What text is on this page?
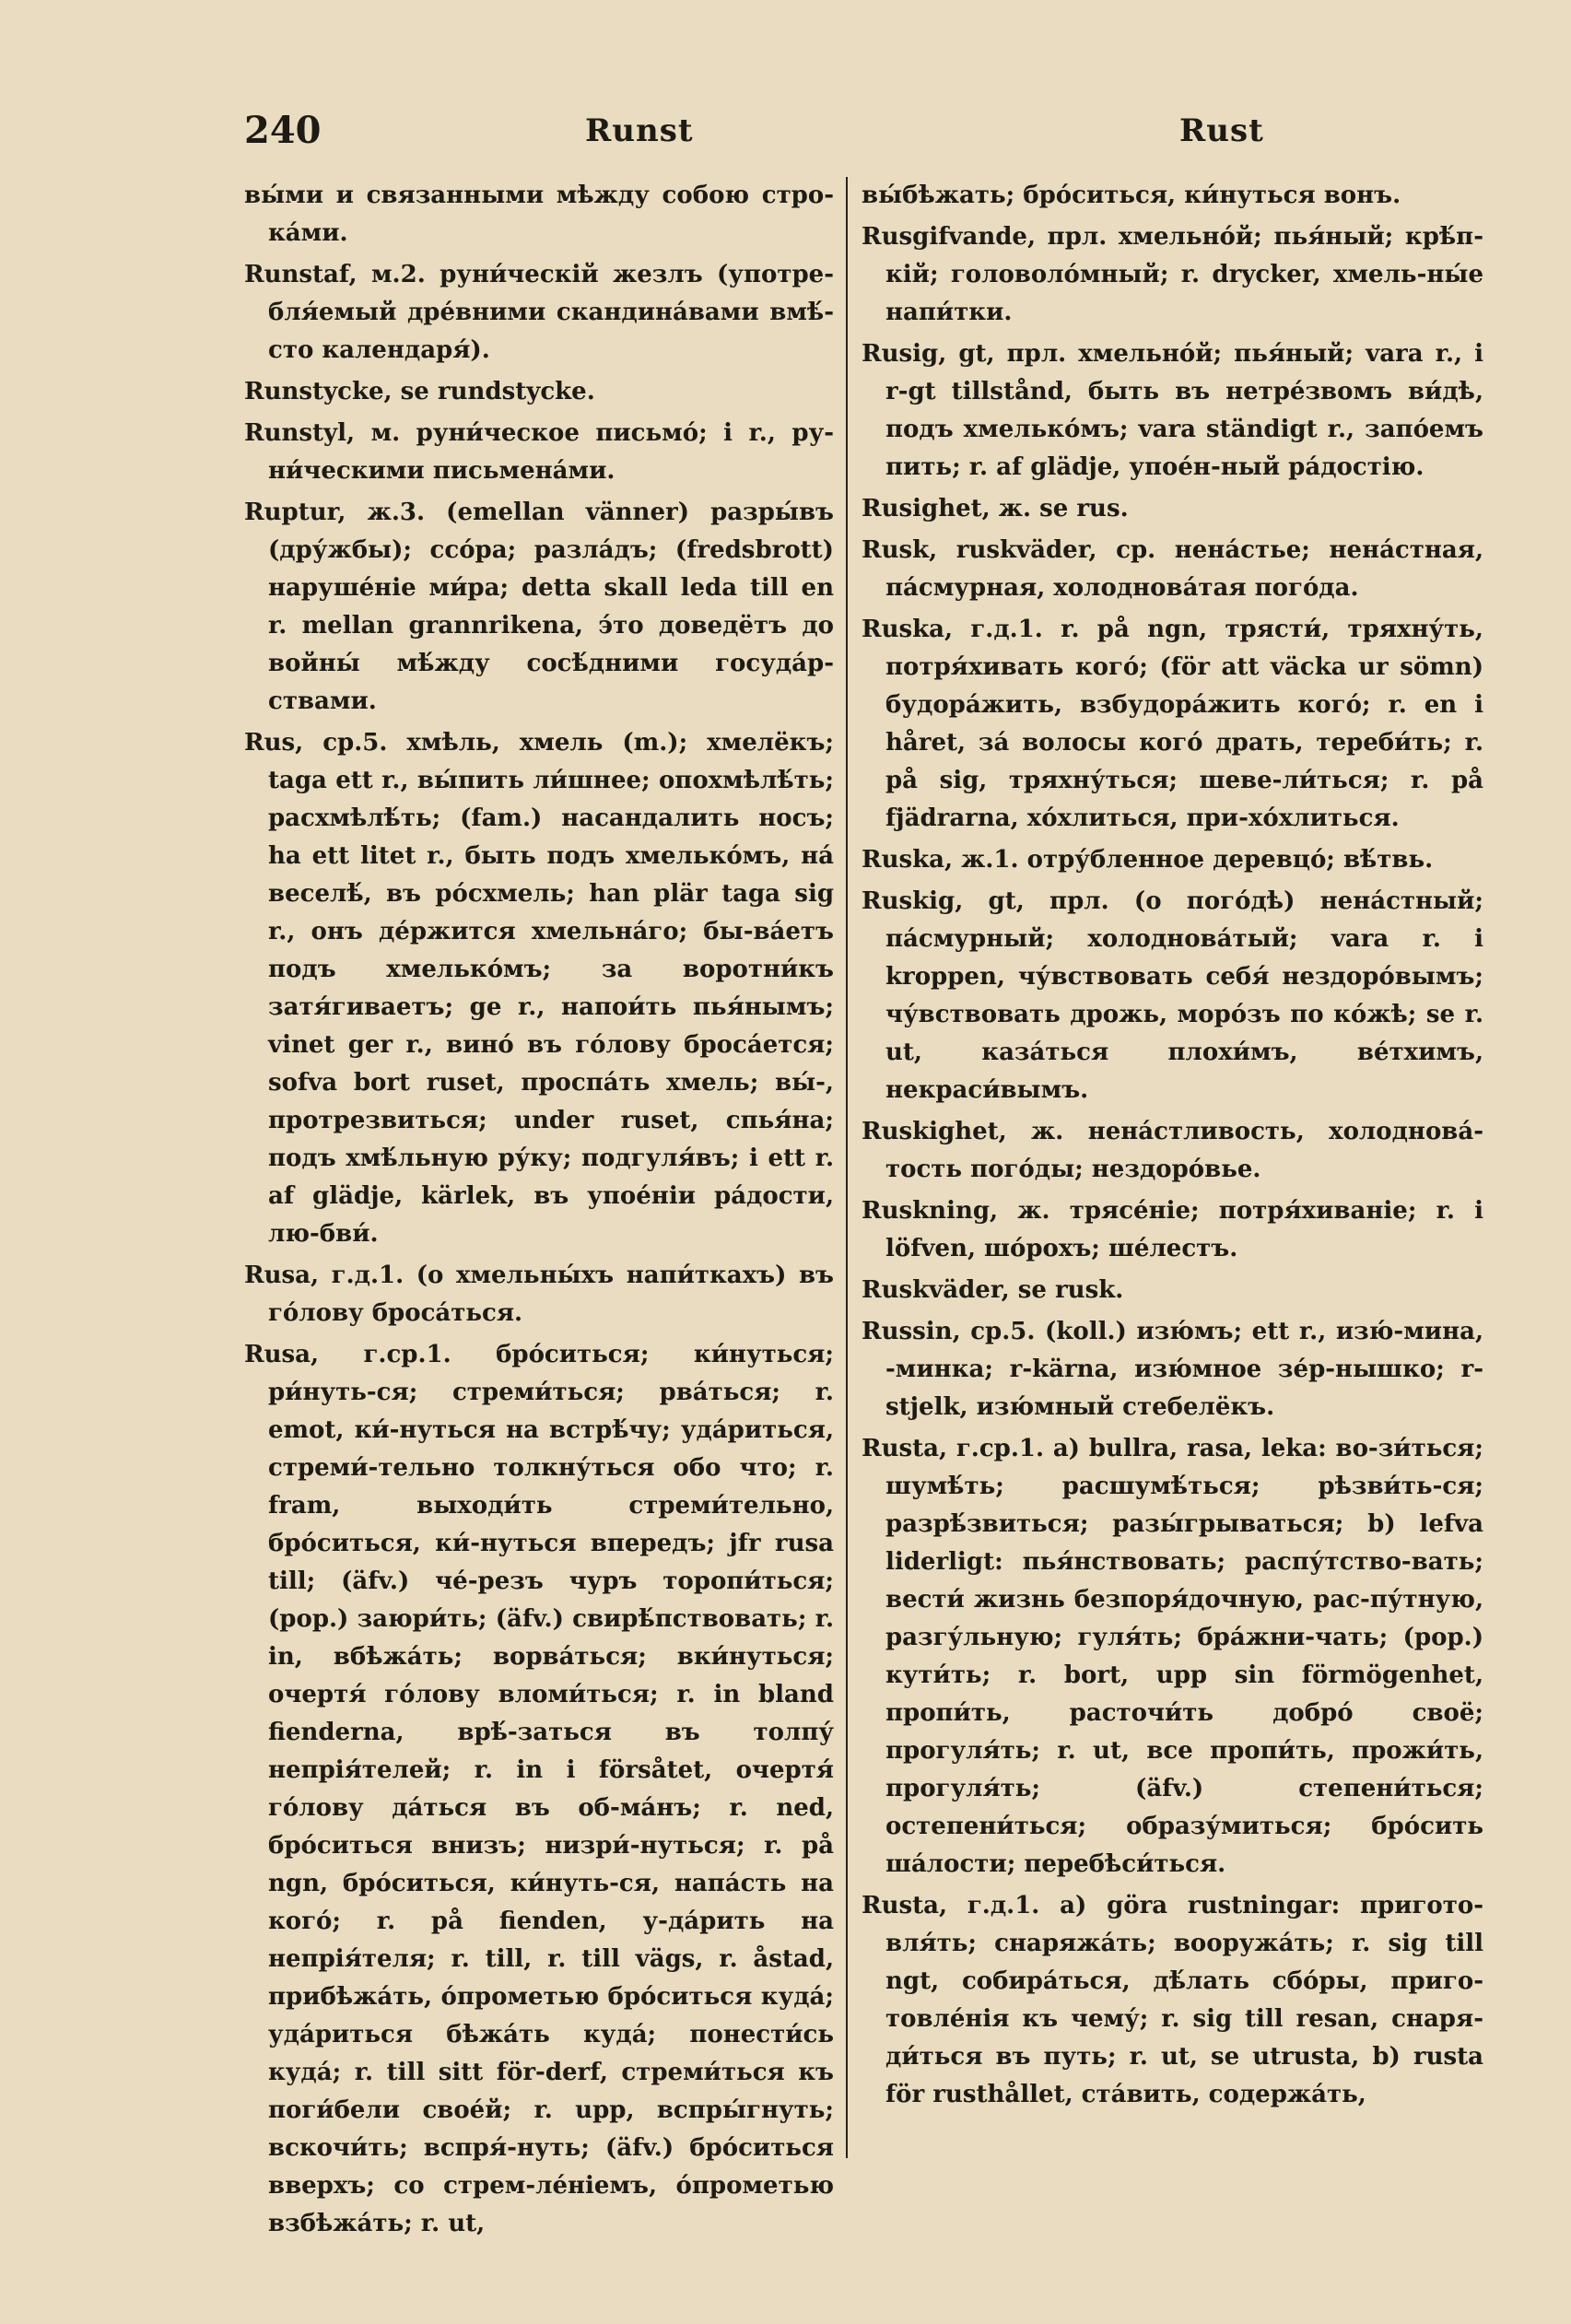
240	Runst	Rust

вы́ми и связанными мѣжду собою стро-ка́ми.

Runstaf, м.2. руни́ческій жезлъ (употре-бля́емый дре́вними скандина́вами вмѣ́-сто календаря́).

Runstycke, se rundstycke.

Runstyl, м. руни́ческое письмо́; i r., ру-ни́ческими письмена́ми.

Ruptur, ж.3. (emellan vänner) разры́въ (дру́жбы); ссо́ра; разла́дъ; (fredsbrott) наруше́ніе ми́ра; detta skall leda till en r. mellan grannrikena, э́то доведётъ до войны́ мѣ́жду сосѣ́дними госуда́р-ствами.

Rus, ср.5. хмѣль, хмель (m.); хмелёкъ; taga ett r., вы́пить ли́шнее; опохмѣлѣ́ть; расхмѣлѣ́ть; (fam.) насандалить носъ; ha ett litet r., быть подъ хмелько́мъ, на́ веселѣ́, въ ро́схмель; han plär taga sig r., онъ де́ржится хмельна́го; бы-ва́етъ подъ хмелько́мъ; за воротни́къ затя́гиваетъ; ge r., напои́ть пья́нымъ; vinet ger r., вино́ въ го́лову броса́ется; sofva bort ruset, проспа́ть хмель; вы́-, протрезвиться; under ruset, спья́на; подъ хмѣ́льную ру́ку; подгуля́въ; i ett r. af glädje, kärlek, въ упое́ніи ра́дости, лю-бви́.

Rusa, г.д.1. (о хмельны́хъ напи́ткахъ) въ го́лову броса́ться.

Rusa, г.ср.1. бро́ситься; ки́нуться; ри́нуть-ся; стреми́ться; рва́ться; r. emot, ки́-нуться на встрѣ́чу; уда́риться, стреми́-тельно толкну́ться обо что; r. fram, выходи́ть стреми́тельно, бро́ситься, ки́-нуться впередъ; jfr rusa till; (äfv.) че́-резъ чуръ торопи́ться; (pop.) заюри́ть; (äfv.) свирѣ́пствовать; r. in, вбѣжа́ть; ворва́ться; вки́нуться; очертя́ го́лову вломи́ться; r. in bland fienderna, врѣ́-заться въ толпу́ непрія́телей; r. in i försåtet, очертя́ го́лову да́ться въ об-ма́нъ; r. ned, бро́ситься внизъ; низри́-нуться; r. på ngn, бро́ситься, ки́нуть-ся, напа́сть на кого́; r. på fienden, у-да́рить на непрія́теля; r. till, r. till vägs, r. åstad, прибѣжа́ть, о́прометью бро́ситься куда́; уда́риться бѣжа́ть куда́; понести́сь куда́; r. till sitt för-derf, стреми́ться къ поги́бели свое́й; r. upp, вспры́гнуть; вскочи́ть; вспря́-нуть; (äfv.) бро́ситься вверхъ; со стрем-ле́ніемъ, о́прометью взбѣжа́ть; r. ut,

вы́бѣжать; бро́ситься, ки́нуться вонъ.

Rusgifvande, прл. хмельно́й; пья́ный; крѣ́п-кій; головоло́мный; r. drycker, хмель-ны́е напи́тки.

Rusig, gt, прл. хмельно́й; пья́ный; vara r., i r-gt tillstånd, быть въ нетре́звомъ ви́дѣ, подъ хмелько́мъ; vara ständigt r., запо́емъ пить; r. af glädje, упое́н-ный ра́достію.

Rusighet, ж. se rus.

Rusk, ruskväder, ср. нена́стье; нена́стная, па́смурная, холоднова́тая пого́да.

Ruska, г.д.1. r. på ngn, трясти́, тряхну́ть, потря́хивать кого́; (för att väcka ur sömn) будора́жить, взбудора́жить кого́; r. en i håret, за́ волосы кого́ драть, тереби́ть; r. på sig, тряхну́ться; шеве-ли́ться; r. på fjädrarna, хо́хлиться, при-хо́хлиться.

Ruska, ж.1. отру́бленное деревцо́; вѣ́твь.

Ruskig, gt, прл. (о пого́дѣ) нена́стный; па́смурный; холоднова́тый; vara r. i kroppen, чу́вствовать себя́ нездоро́вымъ; чу́вствовать дрожь, моро́зъ по ко́жѣ; se r. ut, каза́ться плохи́мъ, ве́тхимъ, некраси́вымъ.

Ruskighet, ж. нена́стливость, холоднова́-тость пого́ды; нездоро́вье.

Ruskning, ж. трясе́ніе; потря́хиваніе; r. i löfven, шо́рохъ; ше́лестъ.

Ruskväder, se rusk.

Russin, ср.5. (koll.) изю́мъ; ett r., изю́-мина, -минка; r-kärna, изю́мное зе́р-нышко; r-stjelk, изю́мный стебелёкъ.

Rusta, г.ср.1. a) bullra, rasa, leka: во-зи́ться; шумѣ́ть; расшумѣ́ться; рѣзви́ть-ся; разрѣ́звиться; разы́грываться; b) lefva liderligt: пья́нствовать; распу́тство-вать; вести́ жизнь безпоря́дочную, рас-пу́тную, разгу́льную; гуля́ть; бра́жни-чать; (pop.) кути́ть; r. bort, upp sin förmögenhet, пропи́ть, расточи́ть добро́ своё; прогуля́ть; r. ut, все пропи́ть, прожи́ть, прогуля́ть; (äfv.) степени́ться; остепени́ться; образу́миться; бро́сить ша́лости; перебѣси́ться.

Rusta, г.д.1. a) göra rustningar: пригото-вля́ть; снаряжа́ть; вооружа́ть; r. sig till ngt, собира́ться, дѣ́лать сбо́ры, приго-товле́нія къ чему́; r. sig till resan, снаря-ди́ться въ путь; r. ut, se utrusta, b) rusta för rusthållet, ста́вить, содержа́ть,
